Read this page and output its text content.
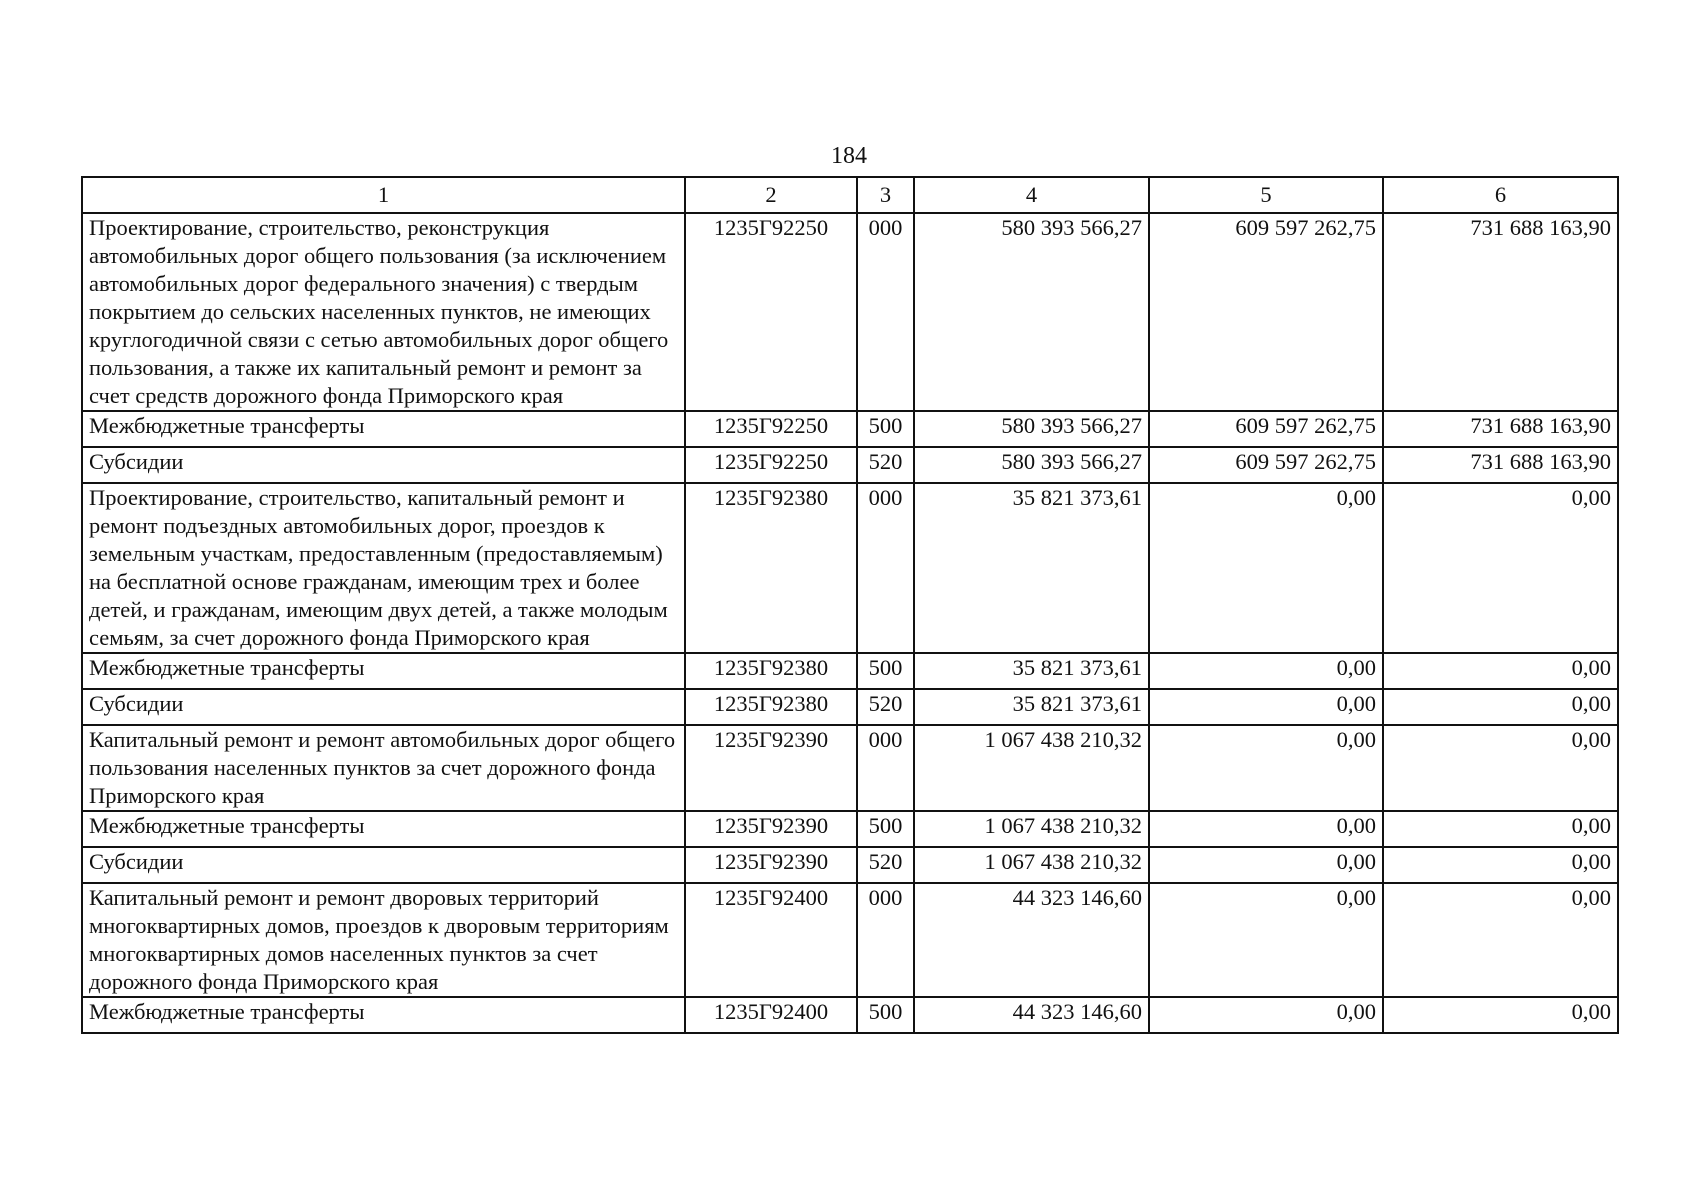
184
1	2	3	4	5	6
Проектирование, строительство, реконструкция автомобильных дорог общего пользования (за исключением автомобильных дорог федерального значения) с твердым покрытием до сельских населенных пунктов, не имеющих круглогодичной связи с сетью автомобильных дорог общего пользования, а также их капитальный ремонт и ремонт за счет средств дорожного фонда Приморского края	1235Г92250	000	580 393 566,27	609 597 262,75	731 688 163,90
Межбюджетные трансферты	1235Г92250	500	580 393 566,27	609 597 262,75	731 688 163,90
Субсидии	1235Г92250	520	580 393 566,27	609 597 262,75	731 688 163,90
Проектирование, строительство, капитальный ремонт и ремонт подъездных автомобильных дорог, проездов к земельным участкам, предоставленным (предоставляемым) на бесплатной основе гражданам, имеющим трех и более детей, и гражданам, имеющим двух детей, а также молодым семьям, за счет дорожного фонда Приморского края	1235Г92380	000	35 821 373,61	0,00	0,00
Межбюджетные трансферты	1235Г92380	500	35 821 373,61	0,00	0,00
Субсидии	1235Г92380	520	35 821 373,61	0,00	0,00
Капитальный ремонт и ремонт автомобильных дорог общего пользования населенных пунктов за счет дорожного фонда Приморского края	1235Г92390	000	1 067 438 210,32	0,00	0,00
Межбюджетные трансферты	1235Г92390	500	1 067 438 210,32	0,00	0,00
Субсидии	1235Г92390	520	1 067 438 210,32	0,00	0,00
Капитальный ремонт и ремонт дворовых территорий многоквартирных домов, проездов к дворовым территориям многоквартирных домов населенных пунктов за счет дорожного фонда Приморского края	1235Г92400	000	44 323 146,60	0,00	0,00
Межбюджетные трансферты	1235Г92400	500	44 323 146,60	0,00	0,00
